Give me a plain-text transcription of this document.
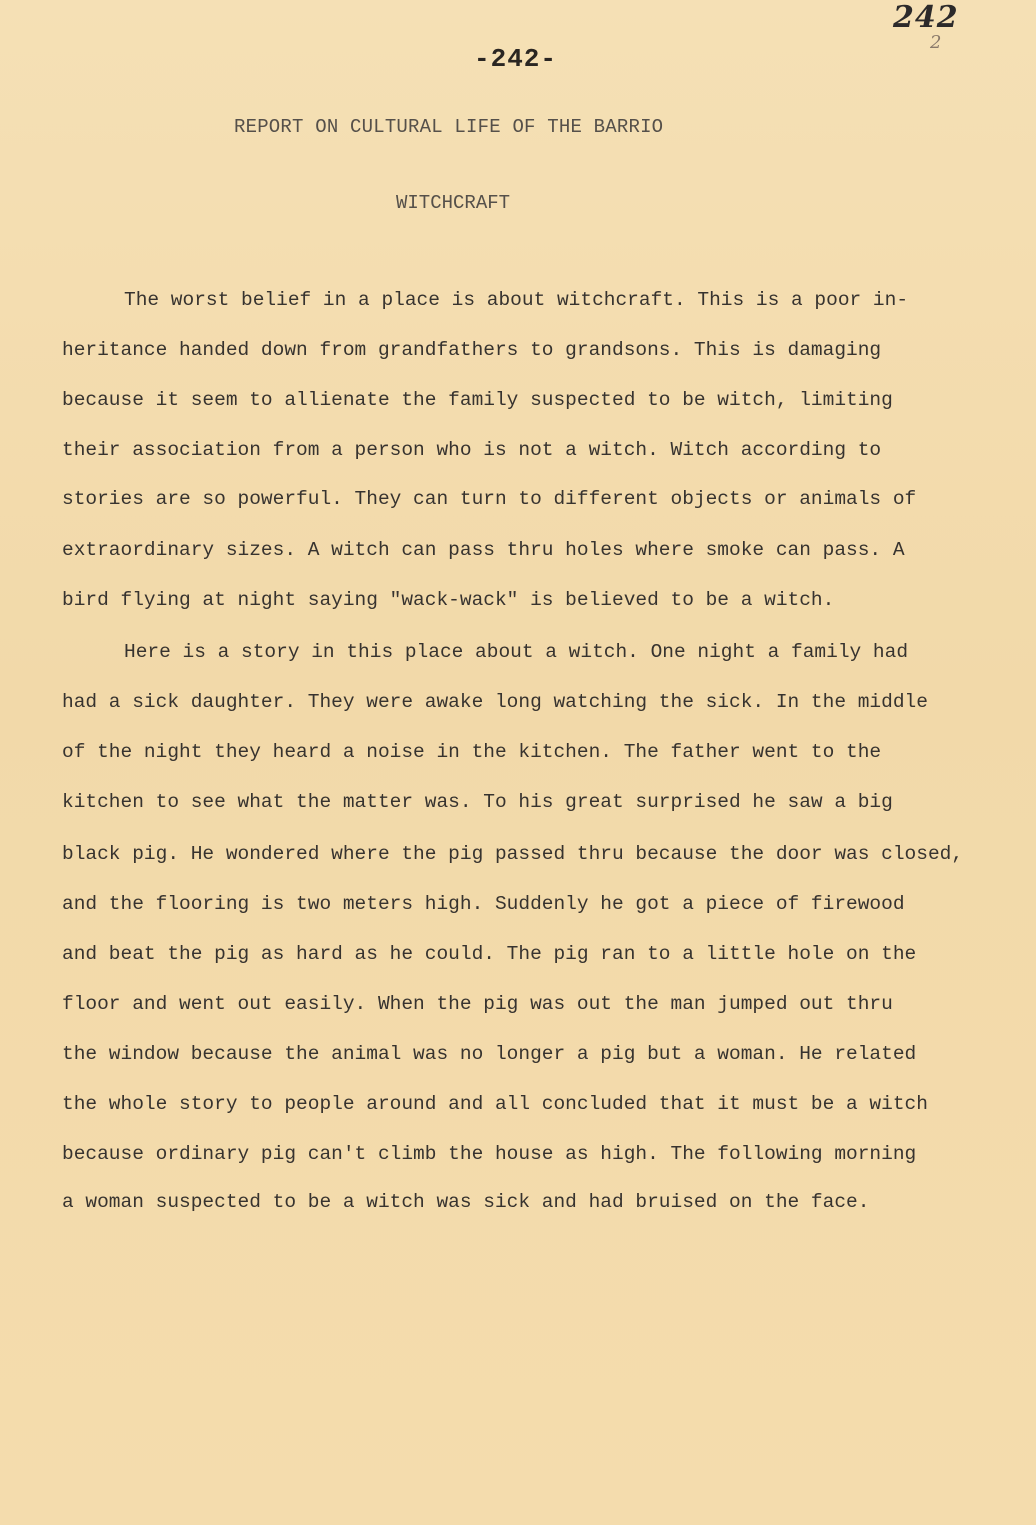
242
2
-242-
REPORT ON CULTURAL LIFE OF THE BARRIO
WITCHCRAFT
The worst belief in a place is about witchcraft. This is a poor in-
heritance handed down from grandfathers to grandsons. This is damaging
because it seem to allienate the family suspected to be witch, limiting
their association from a person who is not a witch. Witch according to
stories are so powerful. They can turn to different objects or animals of
extraordinary sizes. A witch can pass thru holes where smoke can pass. A
bird flying at night saying "wack-wack" is believed to be a witch.
Here is a story in this place about a witch. One night a family had
had a sick daughter. They were awake long watching the sick. In the middle
of the night they heard a noise in the kitchen. The father went to the
kitchen to see what the matter was. To his great surprised he saw a big
black pig. He wondered where the pig passed thru because the door was closed,
and the flooring is two meters high. Suddenly he got a piece of firewood
and beat the pig as hard as he could. The pig ran to a little hole on the
floor and went out easily. When the pig was out the man jumped out thru
the window because the animal was no longer a pig but a woman. He related
the whole story to people around and all concluded that it must be a witch
because ordinary pig can't climb the house as high. The following morning
a woman suspected to be a witch was sick and had bruised on the face.
